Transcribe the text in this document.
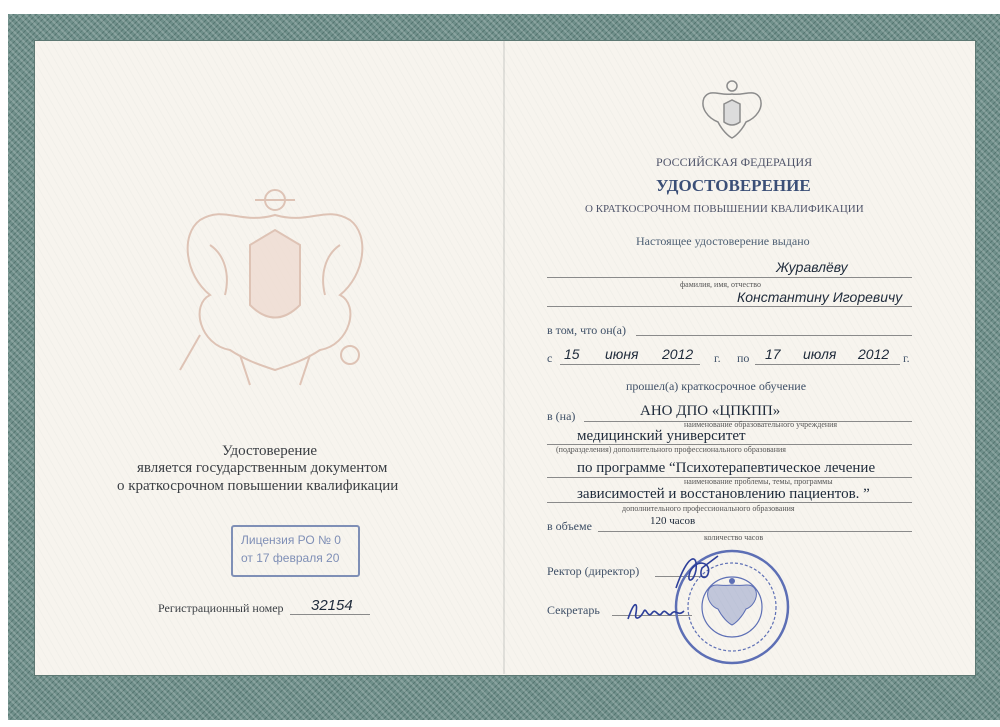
Удостоверение
является государственным документом
о краткосрочном повышении квалификации
Лицензия РО № 0
от 17 февраля 20
Регистрационный номер 32154
РОССИЙСКАЯ ФЕДЕРАЦИЯ
УДОСТОВЕРЕНИЕ
О КРАТКОСРОЧНОМ ПОВЫШЕНИИ КВАЛИФИКАЦИИ
Настоящее удостоверение выдано
Журавлёву
фамилия, имя, отчество
Константину Игоревичу
в том, что он(а)
с 15 июня 2012 г. по 17 июля 2012 г.
прошел(а) краткосрочное обучение
в (на)	АНО ДПО «ЦПКПП»
наименование образовательного учреждения
медицинский университет
(подразделения) дополнительного профессионального образования
по программе “Психотерапевтическое лечение
наименование проблемы, темы, программы
зависимостей и восстановлению пациентов. ”
дополнительного профессионального образования
в объеме	120 часов
количество часов
Ректор (директор)
Секретарь
